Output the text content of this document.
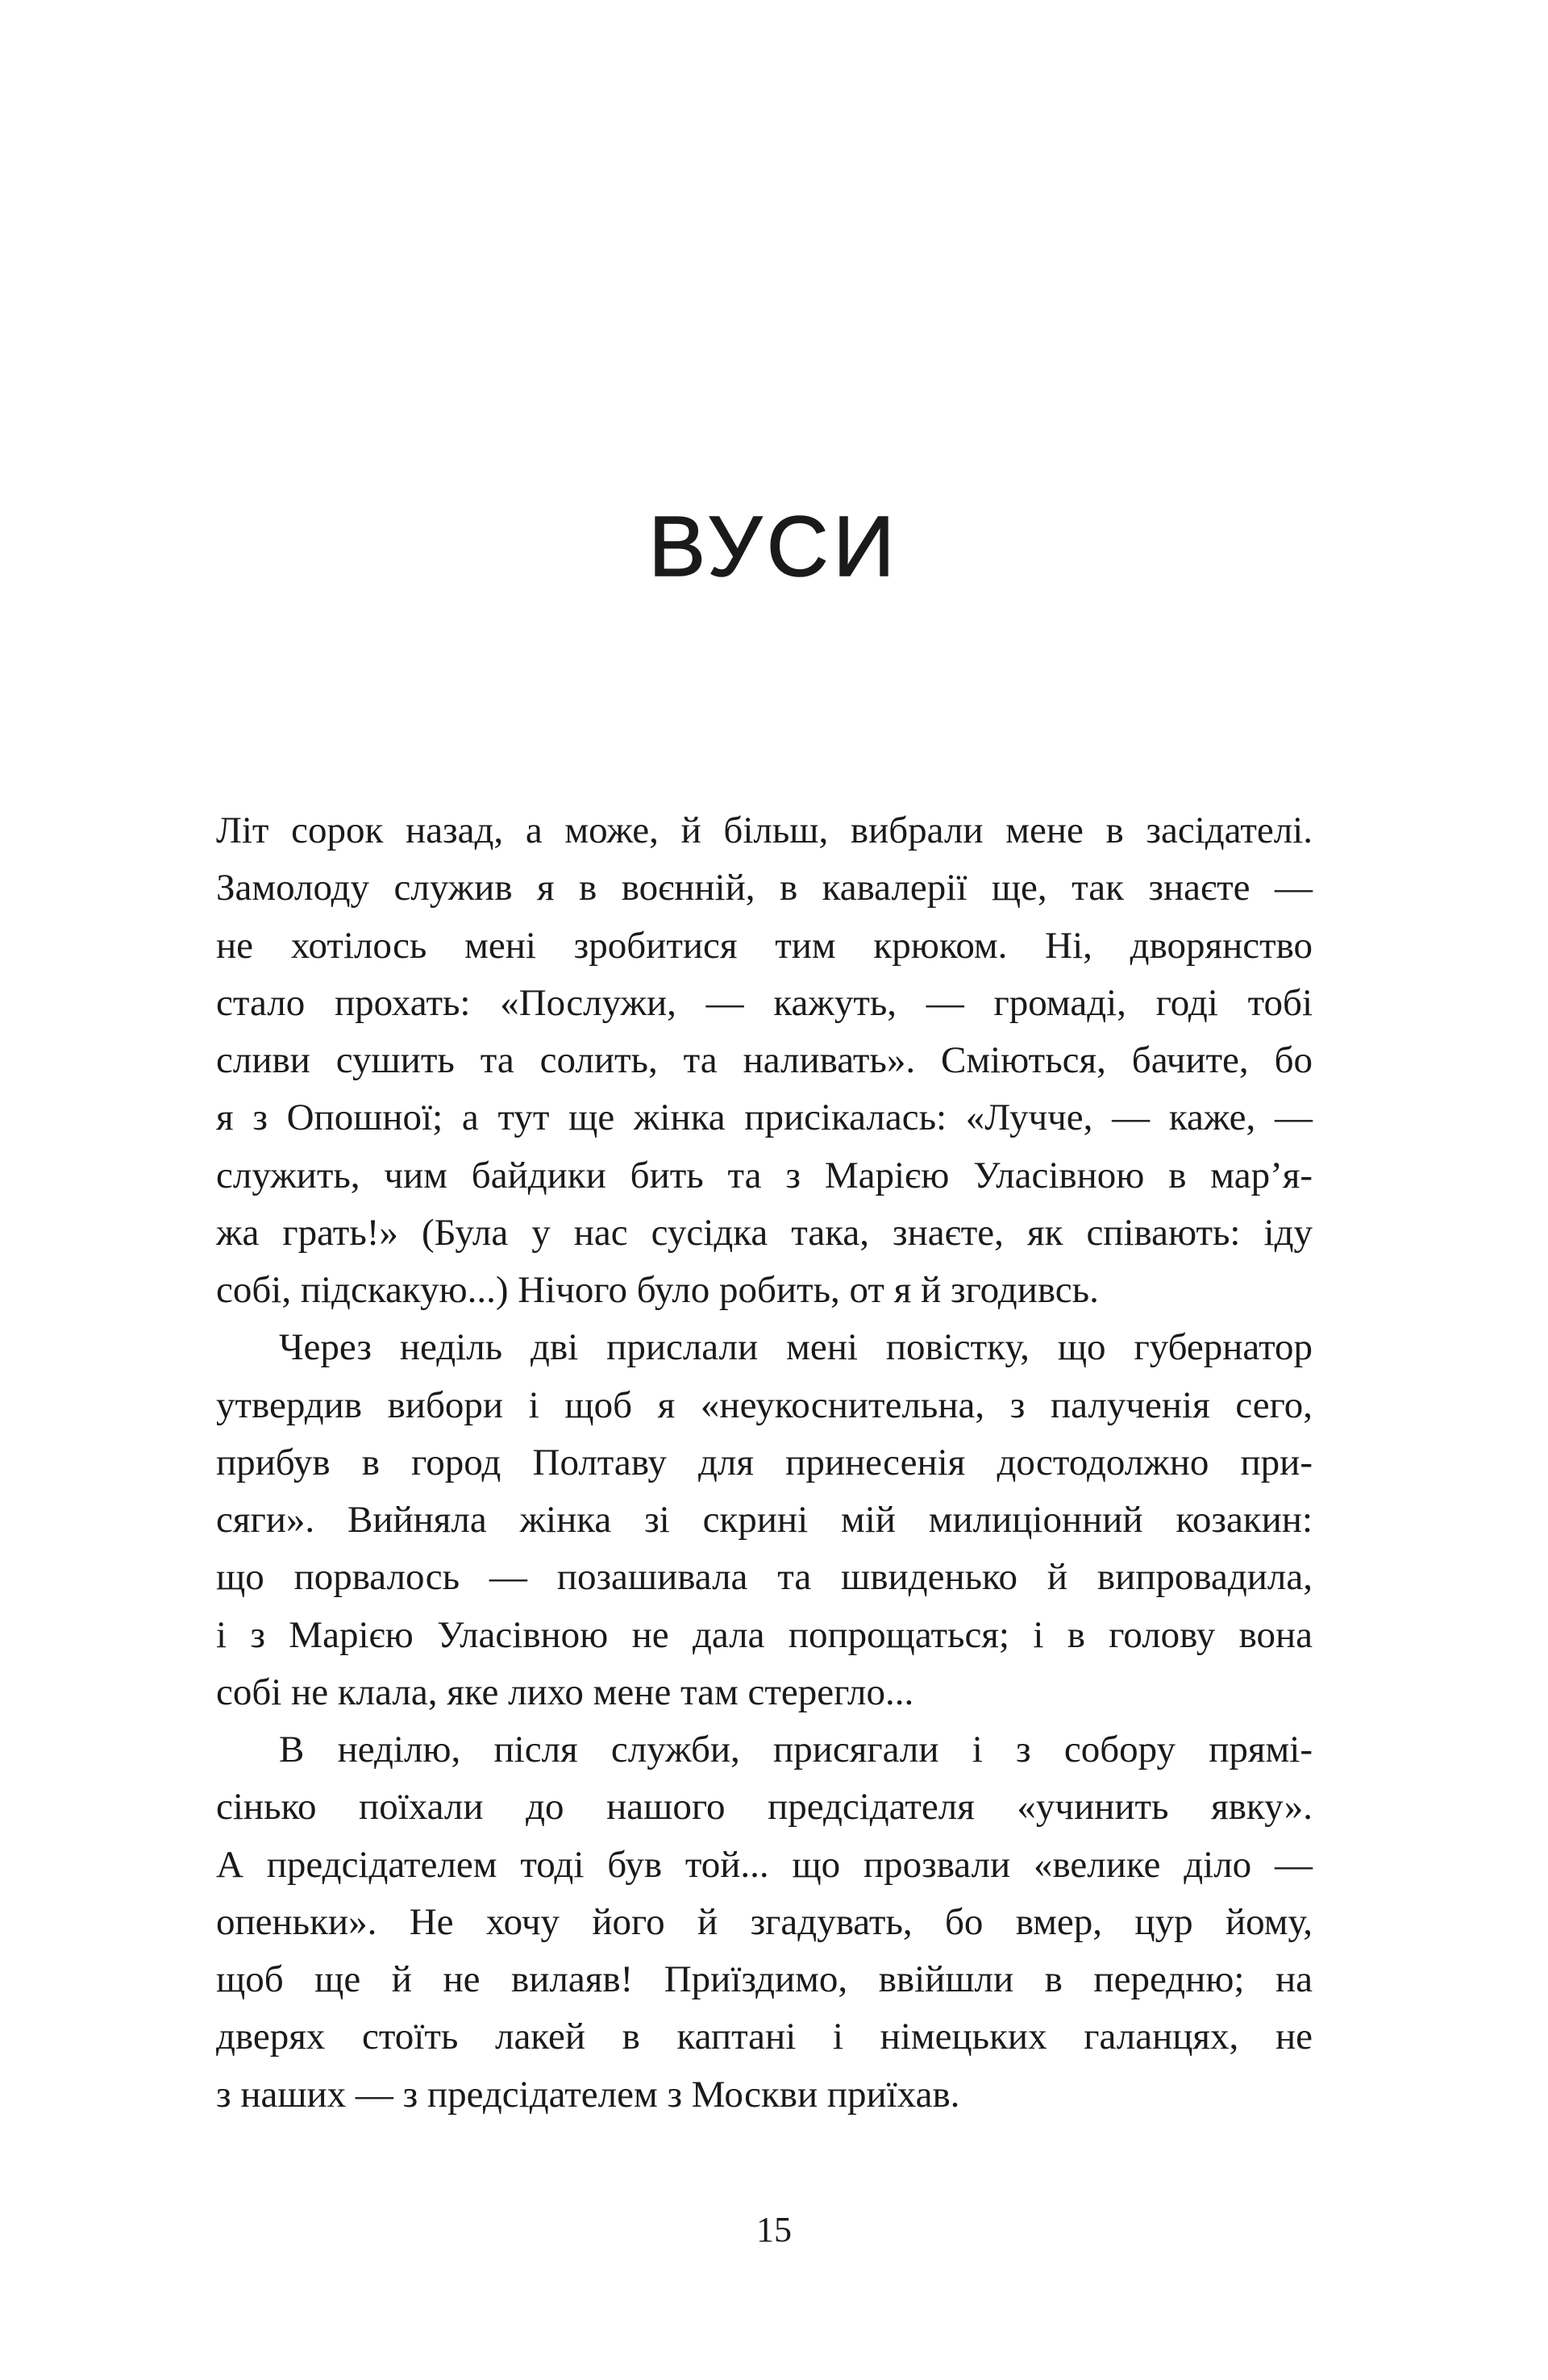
ВУСИ
Літ сорок назад, а може, й більш, вибрали мене в засідателі.
Замолоду служив я в воєнній, в кавалерії ще, так знаєте —
не хотілось мені зробитися тим крюком. Ні, дворянство
стало прохать: «Послужи, — кажуть, — громаді, годі тобі
сливи сушить та солить, та наливать». Сміються, бачите, бо
я з Опошної; а тут ще жінка присікалась: «Лучче, — каже, —
служить, чим байдики бить та з Марією Уласівною в мар’я-
жа грать!» (Була у нас сусідка така, знаєте, як співають: іду
собі, підскакую...) Нічого було робить, от я й згодивсь.
Через неділь дві прислали мені повістку, що губернатор
утвердив вибори і щоб я «неукоснительна, з палученія сего,
прибув в город Полтаву для принесенія достодолжно при-
сяги». Вийняла жінка зі скрині мій милиціонний козакин:
що порвалось — позашивала та швиденько й випровадила,
і з Марією Уласівною не дала попрощаться; і в голову вона
собі не клала, яке лихо мене там стерегло...
В неділю, після служби, присягали і з собору прямі-
сінько поїхали до нашого предсідателя «учинить явку».
А предсідателем тоді був той... що прозвали «велике діло —
опеньки». Не хочу його й згадувать, бо вмер, цур йому,
щоб ще й не вилаяв! Приїздимо, ввійшли в передню; на
дверях стоїть лакей в каптані і німецьких галанцях, не
з наших — з предсідателем з Москви приїхав.
15
